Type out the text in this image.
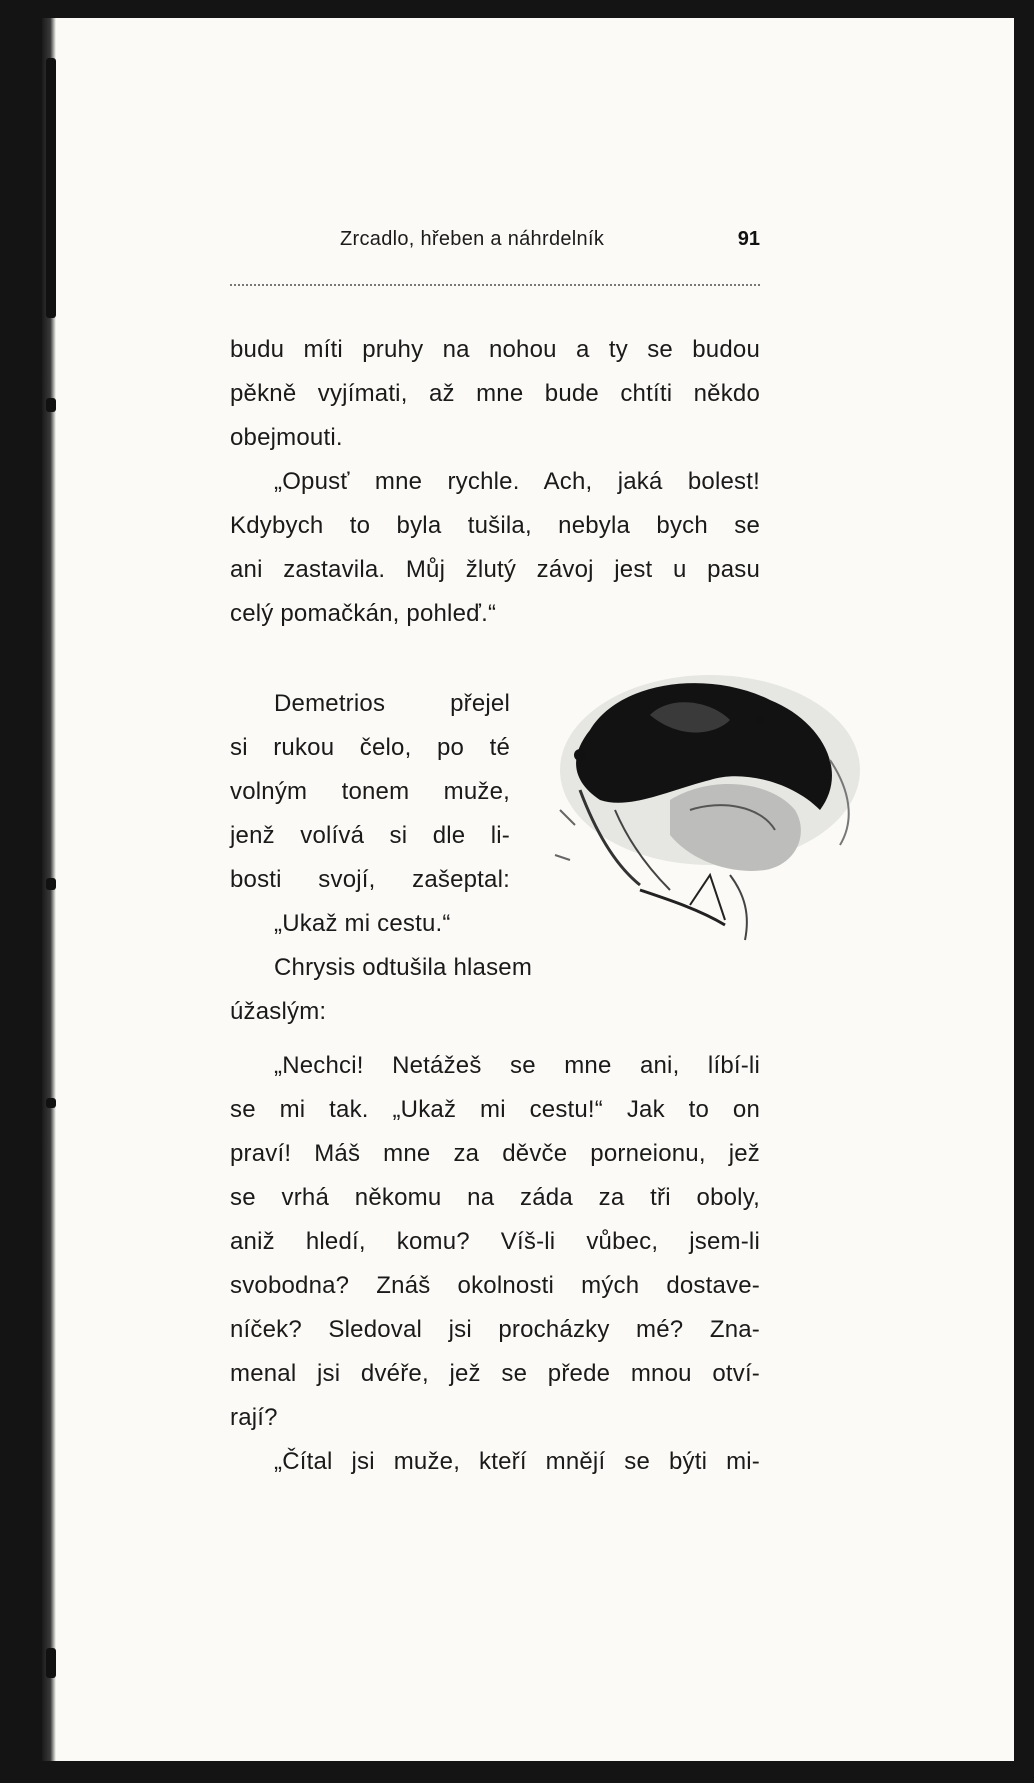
Zrcadlo, hřeben a náhrdelník	91
budu míti pruhy na nohou a ty se budou
pěkně vyjímati, až mne bude chtíti někdo
obejmouti.
„Opusť mne rychle. Ach, jaká bolest!
Kdybych to byla tušila, nebyla bych se
ani zastavila. Můj žlutý závoj jest u pasu
celý pomačkán, pohleď.“
Demetrios přejel
si rukou čelo, po té
volným tonem muže,
jenž volívá si dle li-
bosti svojí, zašeptal:
„Ukaž mi cestu.“
Chrysis odtušila hlasem
úžaslým:
„Nechci! Netážeš se mne ani, líbí-li
se mi tak. „Ukaž mi cestu!“ Jak to on
praví! Máš mne za děvče porneionu, jež
se vrhá někomu na záda za tři oboly,
aniž hledí, komu? Víš-li vůbec, jsem-li
svobodna? Znáš okolnosti mých dostave-
níček? Sledoval jsi procházky mé? Zna-
menal jsi dvéře, jež se přede mnou otví-
rají?
„Čítal jsi muže, kteří mnějí se býti mi-
